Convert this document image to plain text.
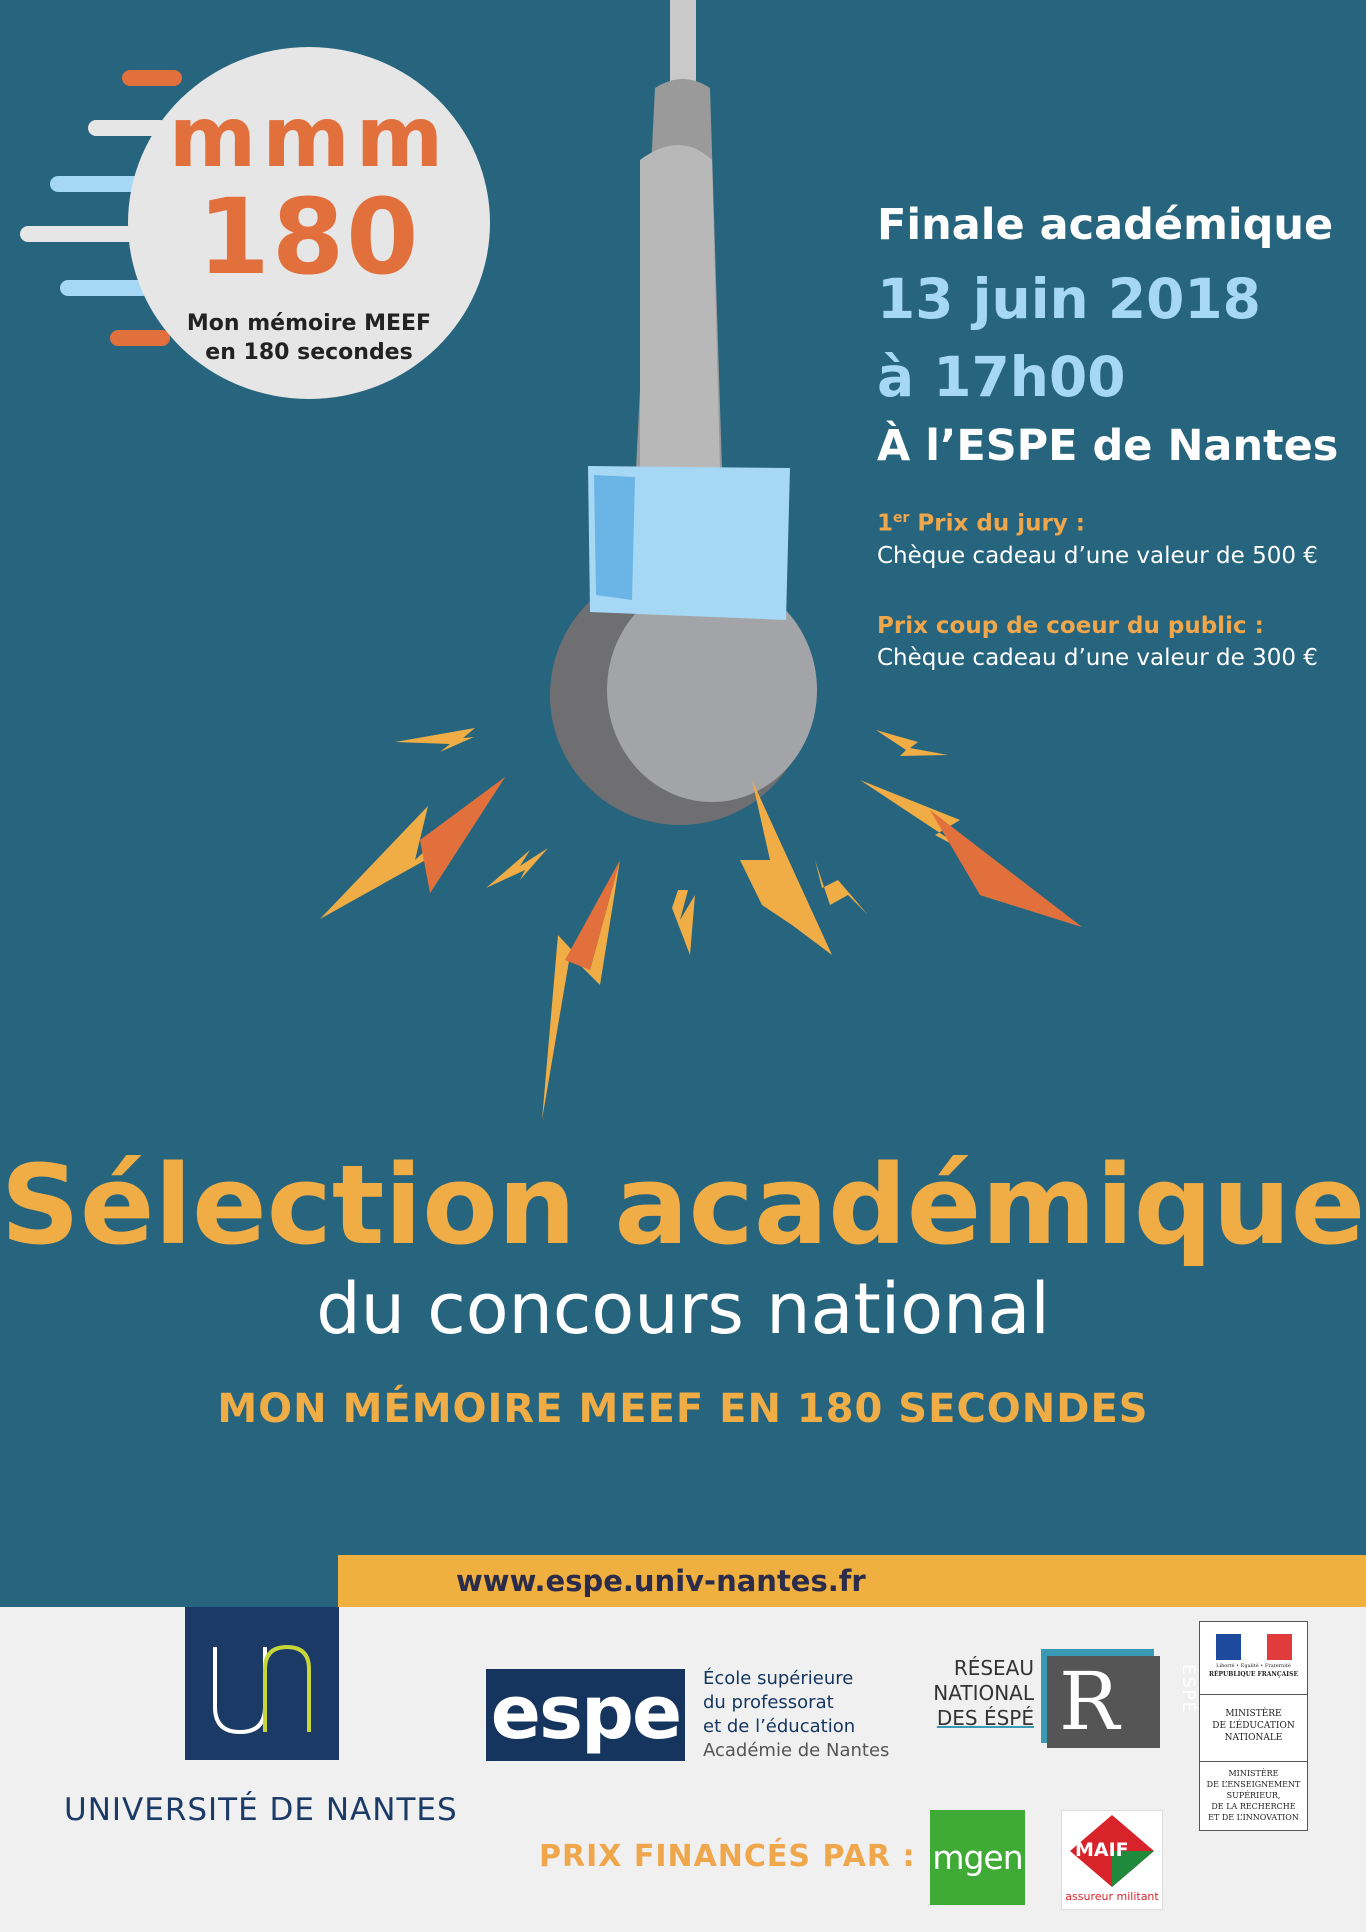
mmm
180
Mon mémoire MEEF
en 180 secondes
Finale académique
13 juin 2018
à 17h00
À l’ESPE de Nantes
1er Prix du jury :
Chèque cadeau d’une valeur de 500 €
Prix coup de coeur du public :
Chèque cadeau d’une valeur de 300 €
Sélection académique
du concours national
MON MÉMOIRE MEEF EN 180 SECONDES
www.espe.univ-nantes.fr
UNIVERSITÉ DE NANTES
espe École supérieure
du professorat
et de l’éducation
Académie de Nantes
RÉSEAU
NATIONAL
DES ÉSPÉ R	ÉSPÉ	Liberté • Égalité • Fraternité
RÉPUBLIQUE FRANÇAISE
MINISTÈRE
DE L’ÉDUCATION
NATIONALE
MINISTÈRE
DE L’ENSEIGNEMENT
SUPÉRIEUR,
DE LA RECHERCHE
ET DE L’INNOVATION
PRIX FINANCÉS PAR : mgen	MAIF
assureur militant
